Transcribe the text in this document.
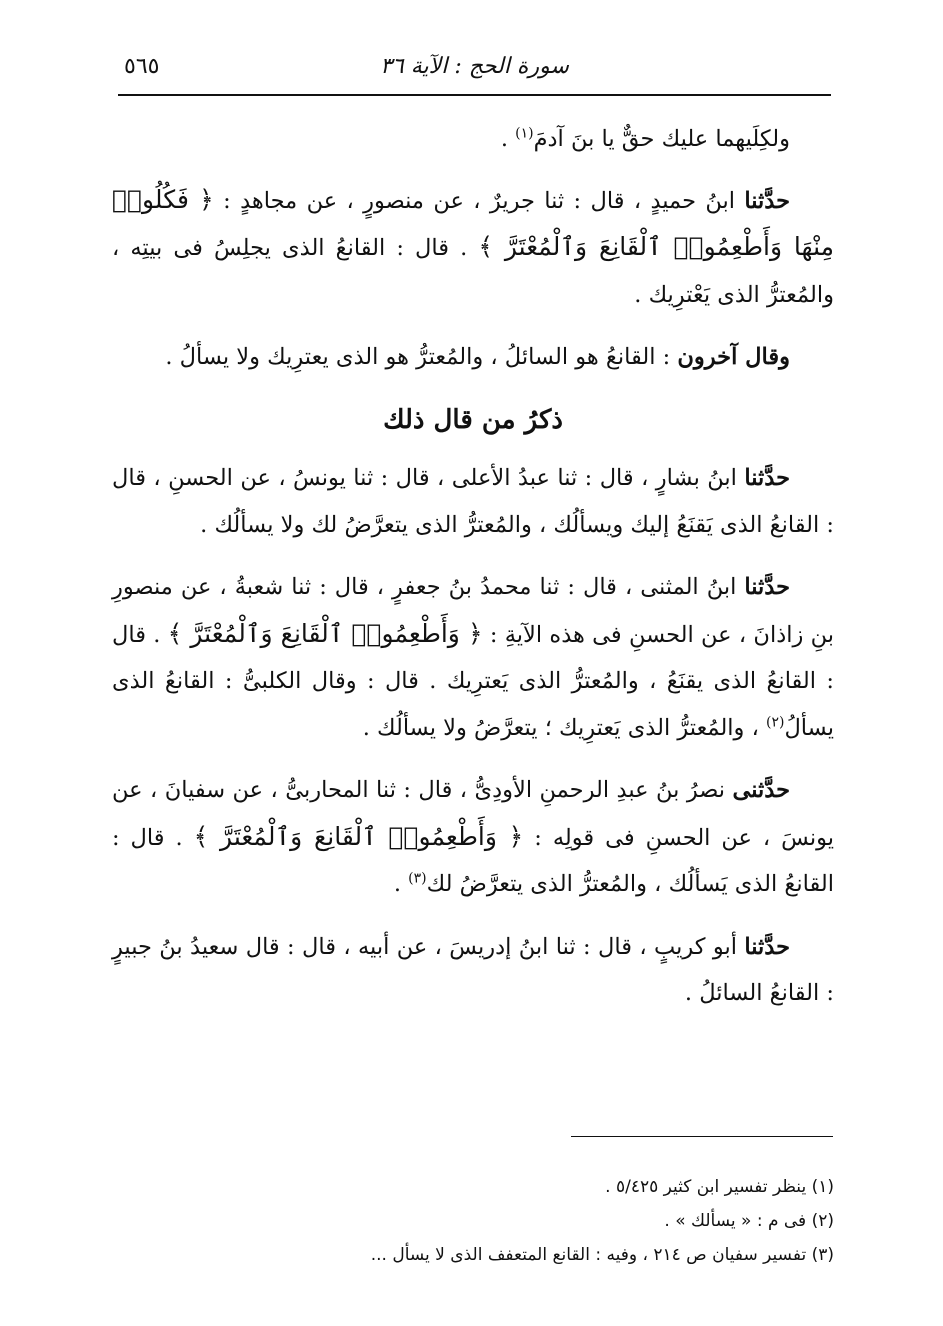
٥٦٥	سورة الحج : الآية ٣٦

ولكِلَيهما عليك حقٌّ يا بنَ آدمَ$^{(١)}$ .

حدَّثنا ابنُ حميدٍ ، قال : ثنا جريرٌ ، عن منصورٍ ، عن مجاهدٍ : ﴿ فَكُلُوا۟ مِنْهَا وَأَطْعِمُوا۟ ٱلْقَانِعَ وَٱلْمُعْتَرَّ ﴾ . قال : القانعُ الذى يجلِسُ فى بيتِه ، والمُعترُّ الذى يَعْترِيك .

وقال آخرون : القانعُ هو السائلُ ، والمُعترُّ هو الذى يعترِيك ولا يسألُ .

ذكرُ من قال ذلك

حدَّثنا ابنُ بشارٍ ، قال : ثنا عبدُ الأعلى ، قال : ثنا يونسُ ، عن الحسنِ ، قال : القانعُ الذى يَقنَعُ إليك ويسألُك ، والمُعترُّ الذى يتعرَّضُ لك ولا يسألُك .

حدَّثنا ابنُ المثنى ، قال : ثنا محمدُ بنُ جعفرٍ ، قال : ثنا شعبةُ ، عن منصورِ بنِ زاذانَ ، عن الحسنِ فى هذه الآيةِ : ﴿ وَأَطْعِمُوا۟ ٱلْقَانِعَ وَٱلْمُعْتَرَّ ﴾ . قال : القانعُ الذى يقنَعُ ، والمُعترُّ الذى يَعترِيك . قال : وقال الكلبىُّ : القانعُ الذى يسألُ$^{(٢)}$ ، والمُعترُّ الذى يَعترِيك ؛ يتعرَّضُ ولا يسألُك .

حدَّثنى نصرُ بنُ عبدِ الرحمنِ الأودِىُّ ، قال : ثنا المحاربىُّ ، عن سفيانَ ، عن يونسَ ، عن الحسنِ فى قولِه : ﴿ وَأَطْعِمُوا۟ ٱلْقَانِعَ وَٱلْمُعْتَرَّ ﴾ . قال : القانعُ الذى يَسألُك ، والمُعترُّ الذى يتعرَّضُ لك$^{(٣)}$ .

حدَّثنا أبو كريبٍ ، قال : ثنا ابنُ إدريسَ ، عن أبيه ، قال : قال سعيدُ بنُ جبيرٍ : القانعُ السائلُ .

(١) ينظر تفسير ابن كثير ٥/٤٢٥ .

(٢) فى م : « يسألك » .

(٣) تفسير سفيان ص ٢١٤ ، وفيه : القانع المتعفف الذى لا يسأل ...
